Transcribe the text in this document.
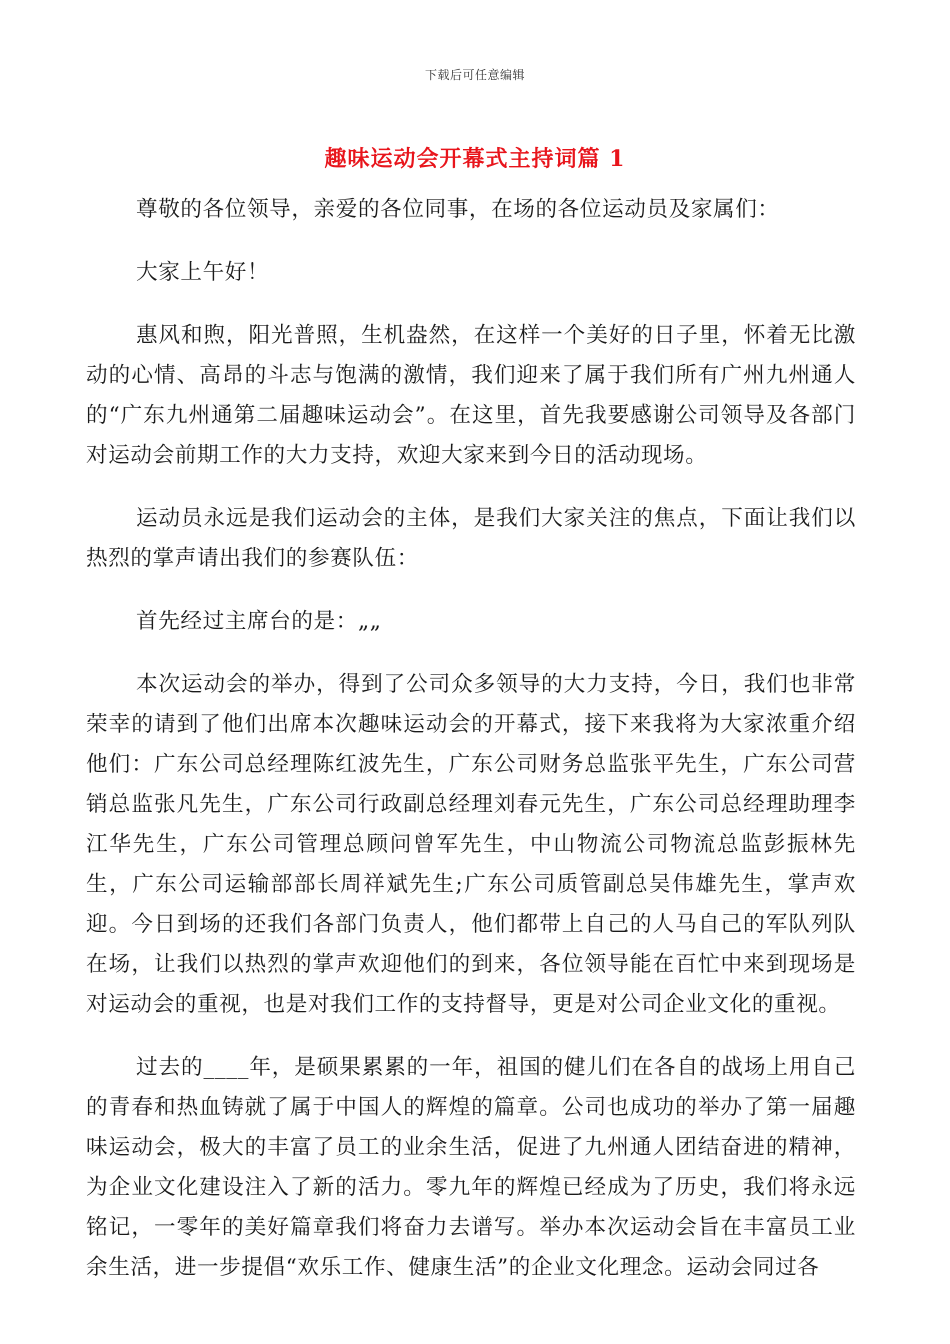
下载后可任意编辑
趣味运动会开幕式主持词篇 1

尊敬的各位领导，亲爱的各位同事，在场的各位运动员及家属们：

大家上午好！

惠风和煦，阳光普照，生机盎然，在这样一个美好的日子里，怀着无比激动的心情、高昂的斗志与饱满的激情，我们迎来了属于我们所有广州九州通人的“广东九州通第二届趣味运动会”。在这里，首先我要感谢公司领导及各部门对运动会前期工作的大力支持，欢迎大家来到今日的活动现场。

运动员永远是我们运动会的主体，是我们大家关注的焦点，下面让我们以热烈的掌声请出我们的参赛队伍：

首先经过主席台的是：„„

本次运动会的举办，得到了公司众多领导的大力支持，今日，我们也非常荣幸的请到了他们出席本次趣味运动会的开幕式，接下来我将为大家浓重介绍他们：广东公司总经理陈红波先生，广东公司财务总监张平先生，广东公司营销总监张凡先生，广东公司行政副总经理刘春元先生，广东公司总经理助理李江华先生，广东公司管理总顾问曾军先生，中山物流公司物流总监彭振林先生，广东公司运输部部长周祥斌先生;广东公司质管副总吴伟雄先生，掌声欢迎。今日到场的还我们各部门负责人，他们都带上自己的人马自己的军队列队在场，让我们以热烈的掌声欢迎他们的到来，各位领导能在百忙中来到现场是对运动会的重视，也是对我们工作的支持督导，更是对公司企业文化的重视。

过去的____年，是硕果累累的一年，祖国的健儿们在各自的战场上用自己的青春和热血铸就了属于中国人的辉煌的篇章。公司也成功的举办了第一届趣味运动会，极大的丰富了员工的业余生活，促进了九州通人团结奋进的精神，为企业文化建设注入了新的活力。零九年的辉煌已经成为了历史，我们将永远铭记，一零年的美好篇章我们将奋力去谱写。举办本次运动会旨在丰富员工业余生活，进一步提倡“欢乐工作、健康生活”的企业文化理念。运动会同过各
